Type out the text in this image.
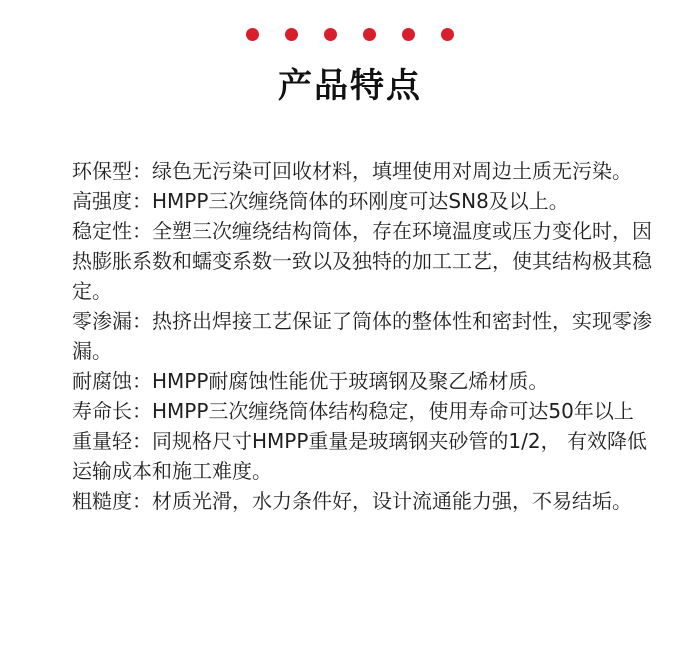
产品特点

环保型：绿色无污染可回收材料，填埋使用对周边土质无污染。

高强度：HMPP三次缠绕筒体的环刚度可达SN8及以上。

稳定性：全塑三次缠绕结构筒体，存在环境温度或压力变化时，因热膨胀系数和蠕变系数一致以及独特的加工工艺，使其结构极其稳定。

零渗漏：热挤出焊接工艺保证了筒体的整体性和密封性，实现零渗漏。

耐腐蚀：HMPP耐腐蚀性能优于玻璃钢及聚乙烯材质。

寿命长：HMPP三次缠绕筒体结构稳定，使用寿命可达50年以上

重量轻：同规格尺寸HMPP重量是玻璃钢夹砂管的1/2， 有效降低运输成本和施工难度。

粗糙度：材质光滑，水力条件好，设计流通能力强，不易结垢。
